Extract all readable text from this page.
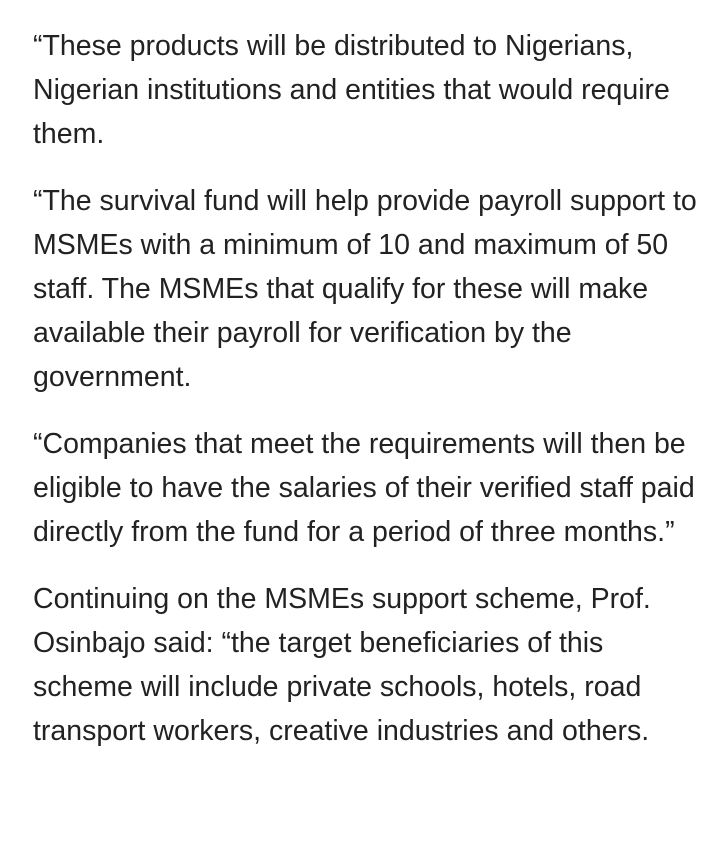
“These products will be distributed to Nigerians, Nigerian institutions and entities that would require them.

“The survival fund will help provide payroll support to MSMEs with a minimum of 10 and maximum of 50 staff. The MSMEs that qualify for these will make available their payroll for verification by the government.

“Companies that meet the requirements will then be eligible to have the salaries of their verified staff paid directly from the fund for a period of three months.”

Continuing on the MSMEs support scheme, Prof. Osinbajo said: “the target beneficiaries of this scheme will include private schools, hotels, road transport workers, creative industries and others.
